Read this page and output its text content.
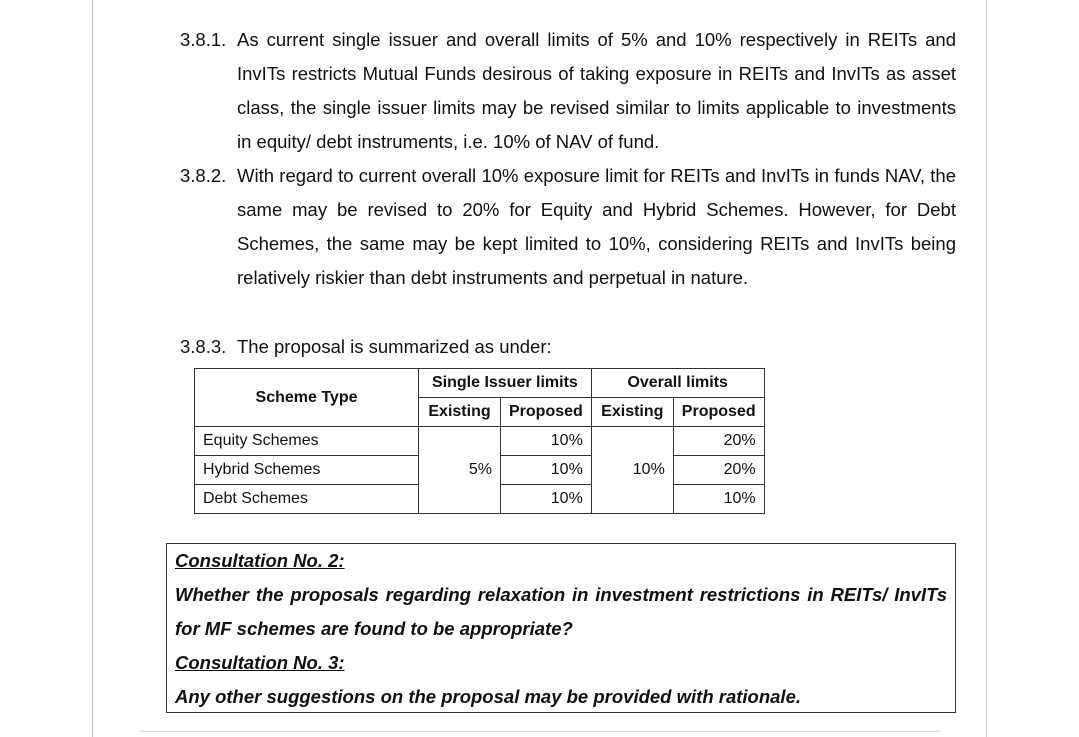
3.8.1. As current single issuer and overall limits of 5% and 10% respectively in REITs and InvITs restricts Mutual Funds desirous of taking exposure in REITs and InvITs as asset class, the single issuer limits may be revised similar to limits applicable to investments in equity/ debt instruments, i.e. 10% of NAV of fund.
3.8.2. With regard to current overall 10% exposure limit for REITs and InvITs in funds NAV, the same may be revised to 20% for Equity and Hybrid Schemes. However, for Debt Schemes, the same may be kept limited to 10%, considering REITs and InvITs being relatively riskier than debt instruments and perpetual in nature.
3.8.3. The proposal is summarized as under:
Scheme Type	Single Issuer limits		Overall limits	
	Existing	Proposed	Existing	Proposed
Equity Schemes	5%	10%	10%	20%
Hybrid Schemes		10%		20%
Debt Schemes		10%		10%
Consultation No. 2:
Whether the proposals regarding relaxation in investment restrictions in REITs/ InvITs for MF schemes are found to be appropriate?
Consultation No. 3:
Any other suggestions on the proposal may be provided with rationale.
